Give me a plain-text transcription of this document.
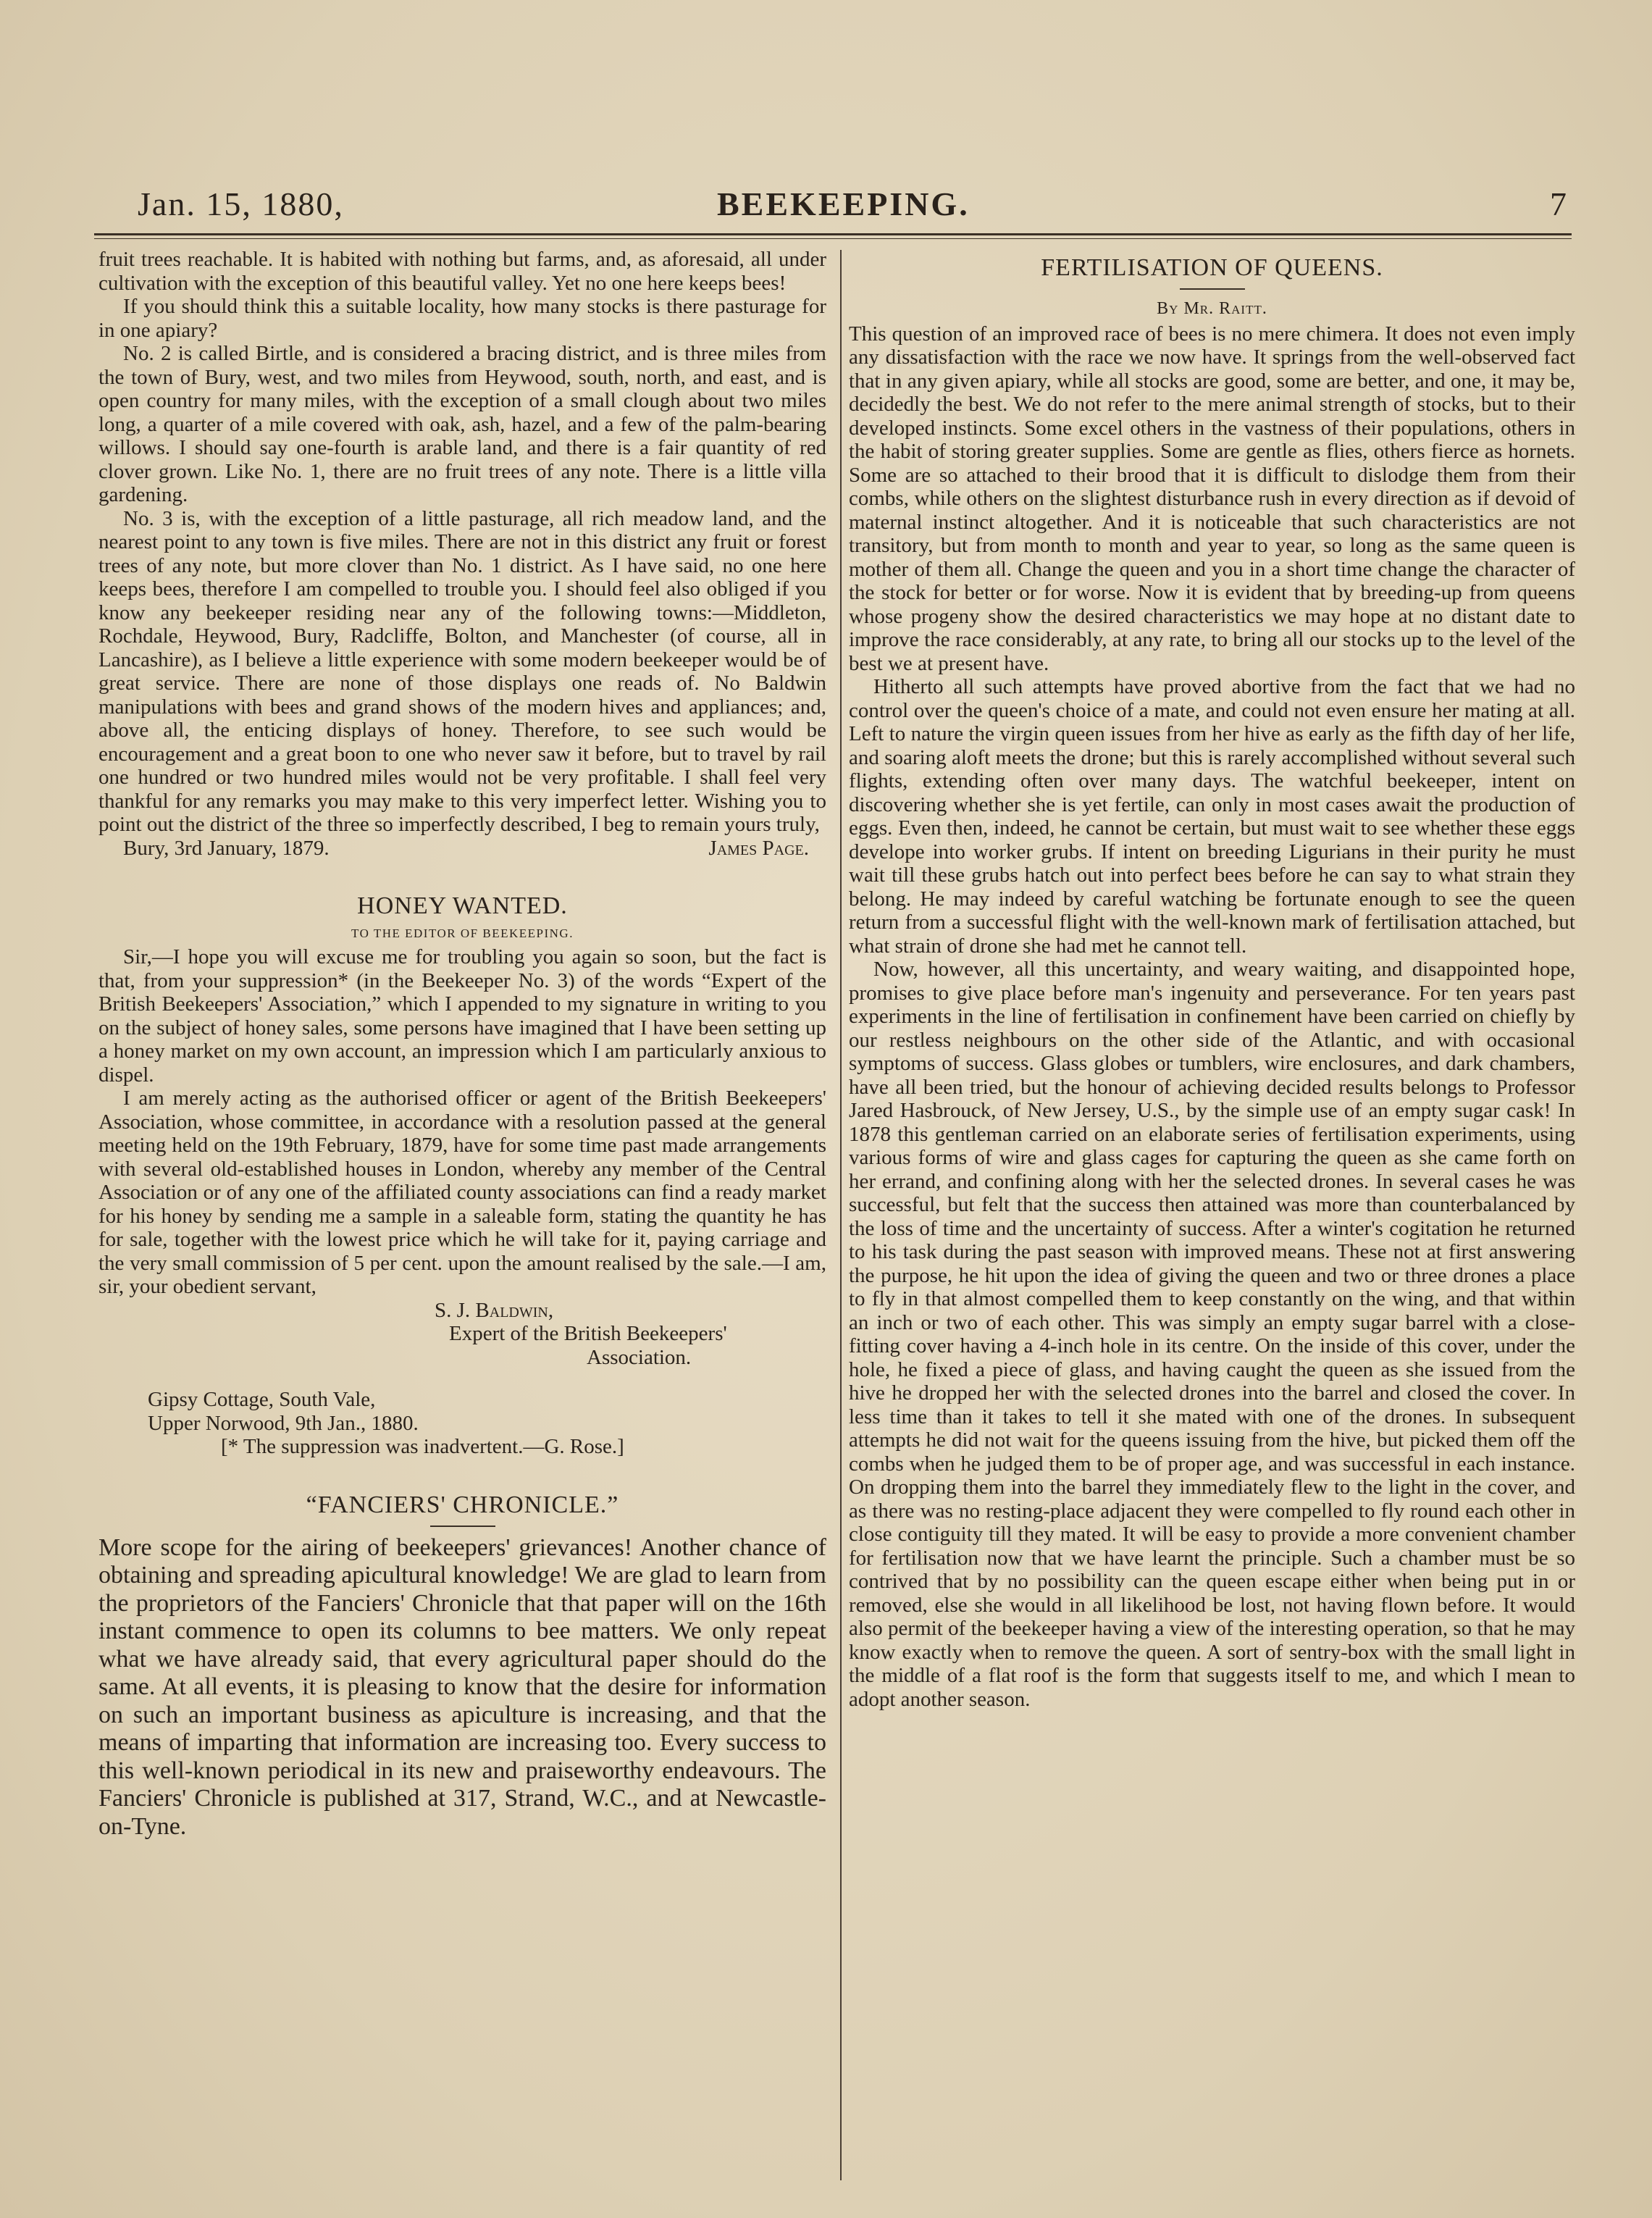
Jan. 15, 1880,	BEEKEEPING.	7

fruit trees reachable. It is habited with nothing but farms, and, as aforesaid, all under cultivation with the exception of this beautiful valley. Yet no one here keeps bees!

If you should think this a suitable locality, how many stocks is there pasturage for in one apiary?

No. 2 is called Birtle, and is considered a bracing district, and is three miles from the town of Bury, west, and two miles from Heywood, south, north, and east, and is open country for many miles, with the exception of a small clough about two miles long, a quarter of a mile covered with oak, ash, hazel, and a few of the palm-bearing willows. I should say one-fourth is arable land, and there is a fair quantity of red clover grown. Like No. 1, there are no fruit trees of any note. There is a little villa gardening.

No. 3 is, with the exception of a little pasturage, all rich meadow land, and the nearest point to any town is five miles. There are not in this district any fruit or forest trees of any note, but more clover than No. 1 district. As I have said, no one here keeps bees, therefore I am compelled to trouble you. I should feel also obliged if you know any beekeeper residing near any of the following towns:—Middleton, Rochdale, Heywood, Bury, Radcliffe, Bolton, and Manchester (of course, all in Lancashire), as I believe a little experience with some modern beekeeper would be of great service. There are none of those displays one reads of. No Baldwin manipulations with bees and grand shows of the modern hives and appliances; and, above all, the enticing displays of honey. Therefore, to see such would be encouragement and a great boon to one who never saw it before, but to travel by rail one hundred or two hundred miles would not be very profitable. I shall feel very thankful for any remarks you may make to this very imperfect letter. Wishing you to point out the district of the three so imperfectly described, I beg to remain yours truly,

Bury, 3rd January, 1879.	James Page.
HONEY WANTED.
TO THE EDITOR OF BEEKEEPING.

Sir,—I hope you will excuse me for troubling you again so soon, but the fact is that, from your suppression* (in the Beekeeper No. 3) of the words “Expert of the British Beekeepers' Association,” which I appended to my signature in writing to you on the subject of honey sales, some persons have imagined that I have been setting up a honey market on my own account, an impression which I am particularly anxious to dispel.

I am merely acting as the authorised officer or agent of the British Beekeepers' Association, whose committee, in accordance with a resolution passed at the general meeting held on the 19th February, 1879, have for some time past made arrangements with several old-established houses in London, whereby any member of the Central Association or of any one of the affiliated county associations can find a ready market for his honey by sending me a sample in a saleable form, stating the quantity he has for sale, together with the lowest price which he will take for it, paying carriage and the very small commission of 5 per cent. upon the amount realised by the sale.—I am, sir, your obedient servant,

S. J. Baldwin,

Expert of the British Beekeepers'

Association.

Gipsy Cottage, South Vale,

Upper Norwood, 9th Jan., 1880.

[* The suppression was inadvertent.—G. Rose.]

“FANCIERS' CHRONICLE.”

More scope for the airing of beekeepers' grievances! Another chance of obtaining and spreading apicultural knowledge! We are glad to learn from the proprietors of the Fanciers' Chronicle that that paper will on the 16th instant commence to open its columns to bee matters. We only repeat what we have already said, that every agricultural paper should do the same. At all events, it is pleasing to know that the desire for information on such an important business as apiculture is increasing, and that the means of imparting that information are increasing too. Every success to this well-known periodical in its new and praiseworthy endeavours. The Fanciers' Chronicle is published at 317, Strand, W.C., and at Newcastle-on-Tyne.

FERTILISATION OF QUEENS.
By Mr. Raitt.

This question of an improved race of bees is no mere chimera. It does not even imply any dissatisfaction with the race we now have. It springs from the well-observed fact that in any given apiary, while all stocks are good, some are better, and one, it may be, decidedly the best. We do not refer to the mere animal strength of stocks, but to their developed instincts. Some excel others in the vastness of their populations, others in the habit of storing greater supplies. Some are gentle as flies, others fierce as hornets. Some are so attached to their brood that it is difficult to dislodge them from their combs, while others on the slightest disturbance rush in every direction as if devoid of maternal instinct altogether. And it is noticeable that such characteristics are not transitory, but from month to month and year to year, so long as the same queen is mother of them all. Change the queen and you in a short time change the character of the stock for better or for worse. Now it is evident that by breeding-up from queens whose progeny show the desired characteristics we may hope at no distant date to improve the race considerably, at any rate, to bring all our stocks up to the level of the best we at present have.

Hitherto all such attempts have proved abortive from the fact that we had no control over the queen's choice of a mate, and could not even ensure her mating at all. Left to nature the virgin queen issues from her hive as early as the fifth day of her life, and soaring aloft meets the drone; but this is rarely accomplished without several such flights, extending often over many days. The watchful beekeeper, intent on discovering whether she is yet fertile, can only in most cases await the production of eggs. Even then, indeed, he cannot be certain, but must wait to see whether these eggs develope into worker grubs. If intent on breeding Ligurians in their purity he must wait till these grubs hatch out into perfect bees before he can say to what strain they belong. He may indeed by careful watching be fortunate enough to see the queen return from a successful flight with the well-known mark of fertilisation attached, but what strain of drone she had met he cannot tell.

Now, however, all this uncertainty, and weary waiting, and disappointed hope, promises to give place before man's ingenuity and perseverance. For ten years past experiments in the line of fertilisation in confinement have been carried on chiefly by our restless neighbours on the other side of the Atlantic, and with occasional symptoms of success. Glass globes or tumblers, wire enclosures, and dark chambers, have all been tried, but the honour of achieving decided results belongs to Professor Jared Hasbrouck, of New Jersey, U.S., by the simple use of an empty sugar cask! In 1878 this gentleman carried on an elaborate series of fertilisation experiments, using various forms of wire and glass cages for capturing the queen as she came forth on her errand, and confining along with her the selected drones. In several cases he was successful, but felt that the success then attained was more than counterbalanced by the loss of time and the uncertainty of success. After a winter's cogitation he returned to his task during the past season with improved means. These not at first answering the purpose, he hit upon the idea of giving the queen and two or three drones a place to fly in that almost compelled them to keep constantly on the wing, and that within an inch or two of each other. This was simply an empty sugar barrel with a close-fitting cover having a 4-inch hole in its centre. On the inside of this cover, under the hole, he fixed a piece of glass, and having caught the queen as she issued from the hive he dropped her with the selected drones into the barrel and closed the cover. In less time than it takes to tell it she mated with one of the drones. In subsequent attempts he did not wait for the queens issuing from the hive, but picked them off the combs when he judged them to be of proper age, and was successful in each instance. On dropping them into the barrel they immediately flew to the light in the cover, and as there was no resting-place adjacent they were compelled to fly round each other in close contiguity till they mated. It will be easy to provide a more convenient chamber for fertilisation now that we have learnt the principle. Such a chamber must be so contrived that by no possibility can the queen escape either when being put in or removed, else she would in all likelihood be lost, not having flown before. It would also permit of the beekeeper having a view of the interesting operation, so that he may know exactly when to remove the queen. A sort of sentry-box with the small light in the middle of a flat roof is the form that suggests itself to me, and which I mean to adopt another season.
